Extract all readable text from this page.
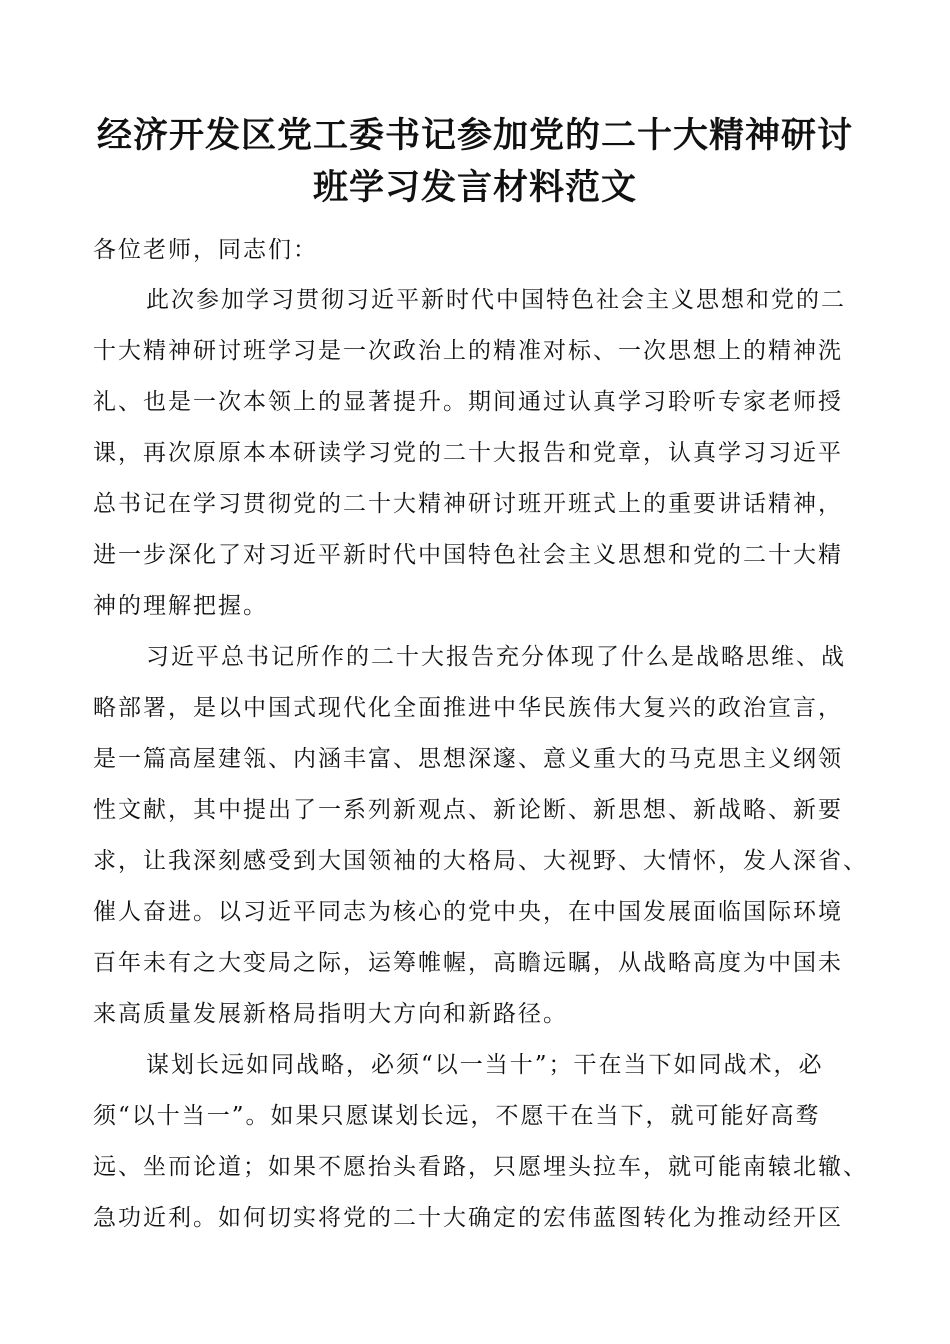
经济开发区党工委书记参加党的二十大精神研讨
班学习发言材料范文
各位老师，同志们：
此次参加学习贯彻习近平新时代中国特色社会主义思想和党的二
十大精神研讨班学习是一次政治上的精准对标、一次思想上的精神洗
礼、也是一次本领上的显著提升。期间通过认真学习聆听专家老师授
课，再次原原本本研读学习党的二十大报告和党章，认真学习习近平
总书记在学习贯彻党的二十大精神研讨班开班式上的重要讲话精神，
进一步深化了对习近平新时代中国特色社会主义思想和党的二十大精
神的理解把握。
习近平总书记所作的二十大报告充分体现了什么是战略思维、战
略部署，是以中国式现代化全面推进中华民族伟大复兴的政治宣言，
是一篇高屋建瓴、内涵丰富、思想深邃、意义重大的马克思主义纲领
性文献，其中提出了一系列新观点、新论断、新思想、新战略、新要
求，让我深刻感受到大国领袖的大格局、大视野、大情怀，发人深省、
催人奋进。以习近平同志为核心的党中央，在中国发展面临国际环境
百年未有之大变局之际，运筹帷幄，高瞻远瞩，从战略高度为中国未
来高质量发展新格局指明大方向和新路径。
谋划长远如同战略，必须“以一当十”；干在当下如同战术，必
须“以十当一”。如果只愿谋划长远，不愿干在当下，就可能好高骛
远、坐而论道；如果不愿抬头看路，只愿埋头拉车，就可能南辕北辙、
急功近利。如何切实将党的二十大确定的宏伟蓝图转化为推动经开区
